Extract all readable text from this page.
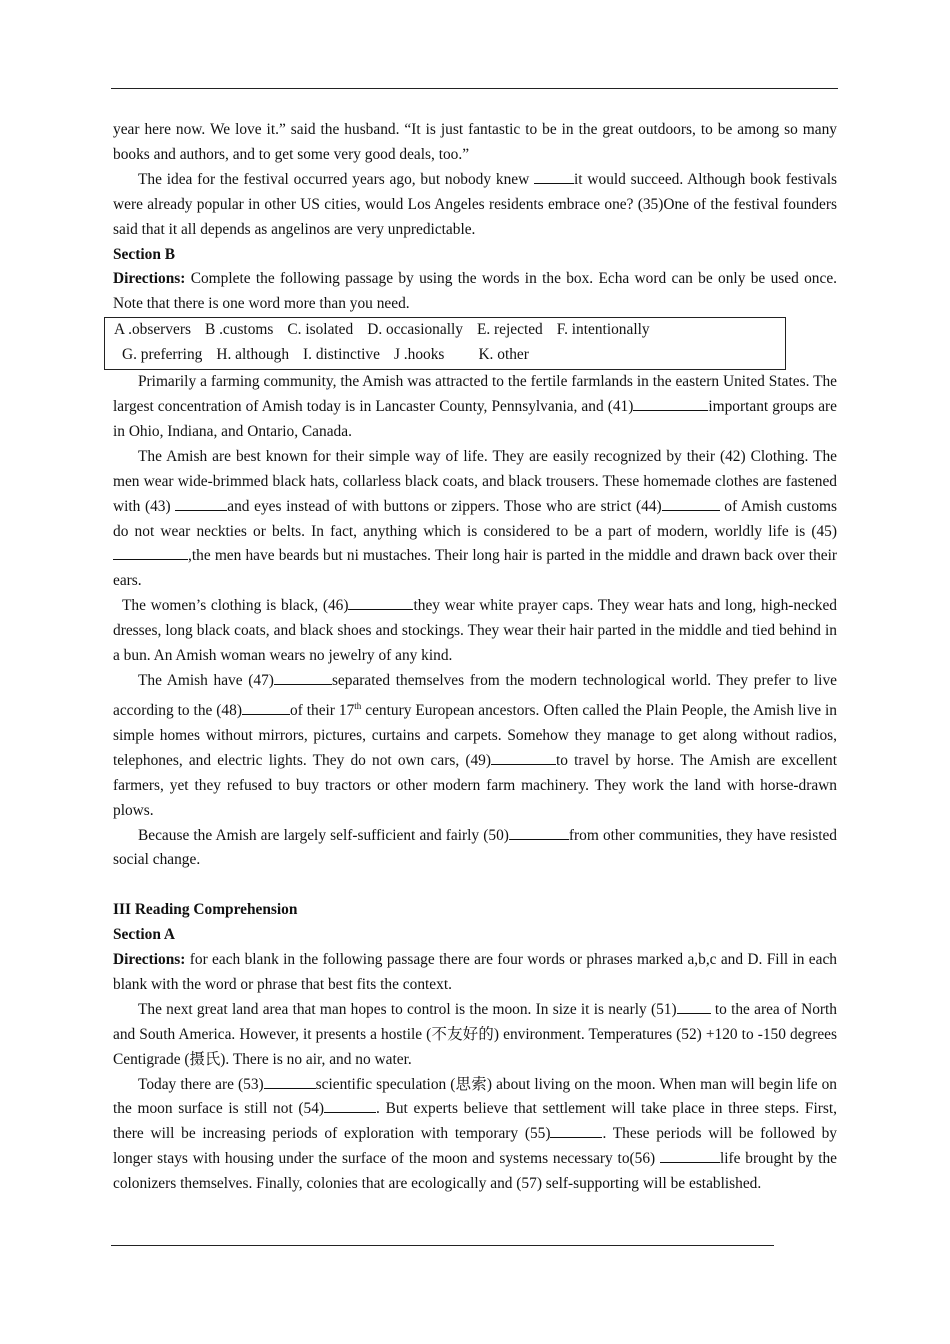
year here now. We love it.” said the husband. “It is just fantastic to be in the great outdoors, to be among so many books and authors, and to get some very good deals, too.”

The idea for the festival occurred years ago, but nobody knew	it would succeed. Although book festivals were already popular in other US cities, would Los Angeles residents embrace one? (35)One of the festival founders said that it all depends as angelinos are very unpredictable.

Section B

Directions: Complete the following passage by using the words in the box. Echa word can be only be used once. Note that there is one word more than you need.

A .observers B .customs C. isolated D. occasionally E. rejected F. intentionally
G. preferring H. although I. distinctive J .hooks K. other

Primarily a farming community, the Amish was attracted to the fertile farmlands in the eastern United States. The largest concentration of Amish today is in Lancaster County, Pennsylvania, and (41)	important groups are in Ohio, Indiana, and Ontario, Canada.

The Amish are best known for their simple way of life. They are easily recognized by their (42) Clothing. The men wear wide-brimmed black hats, collarless black coats, and black trousers. These homemade clothes are fastened with (43)	and eyes instead of with buttons or zippers. Those who are strict (44)	of Amish customs do not wear neckties or belts. In fact, anything which is considered to be a part of modern, worldly life is (45),the men have beards but ni mustaches. Their long hair is parted in the middle and drawn back over their ears.

The women’s clothing is black, (46)	they wear white prayer caps. They wear hats and long, high-necked dresses, long black coats, and black shoes and stockings. They wear their hair parted in the middle and tied behind in a bun. An Amish woman wears no jewelry of any kind.

The Amish have (47)	separated themselves from the modern technological world. They prefer to live according to the (48)	of their 17th century European ancestors. Often called the Plain People, the Amish live in simple homes without mirrors, pictures, curtains and carpets. Somehow they manage to get along without radios, telephones, and electric lights. They do not own cars, (49)	to travel by horse. The Amish are excellent farmers, yet they refused to buy tractors or other modern farm machinery. They work the land with horse-drawn plows.

Because the Amish are largely self-sufficient and fairly (50)	from other communities, they have resisted social change.

III Reading Comprehension

Section A

Directions: for each blank in the following passage there are four words or phrases marked a,b,c and D. Fill in each blank with the word or phrase that best fits the context.

The next great land area that man hopes to control is the moon. In size it is nearly (51) to the area of North and South America. However, it presents a hostile (不友好的) environment. Temperatures (52) +120 to -150 degrees Centigrade (摄氏). There is no air, and no water.

Today there are (53)	scientific speculation (思索) about living on the moon. When man will begin life on the moon surface is still not (54)	. But experts believe that settlement will take place in three steps. First, there will be increasing periods of exploration with temporary (55)	. These periods will be followed by longer stays with housing under the surface of the moon and systems necessary to(56)	life brought by the colonizers themselves. Finally, colonies that are ecologically and (57) self-supporting will be established.
